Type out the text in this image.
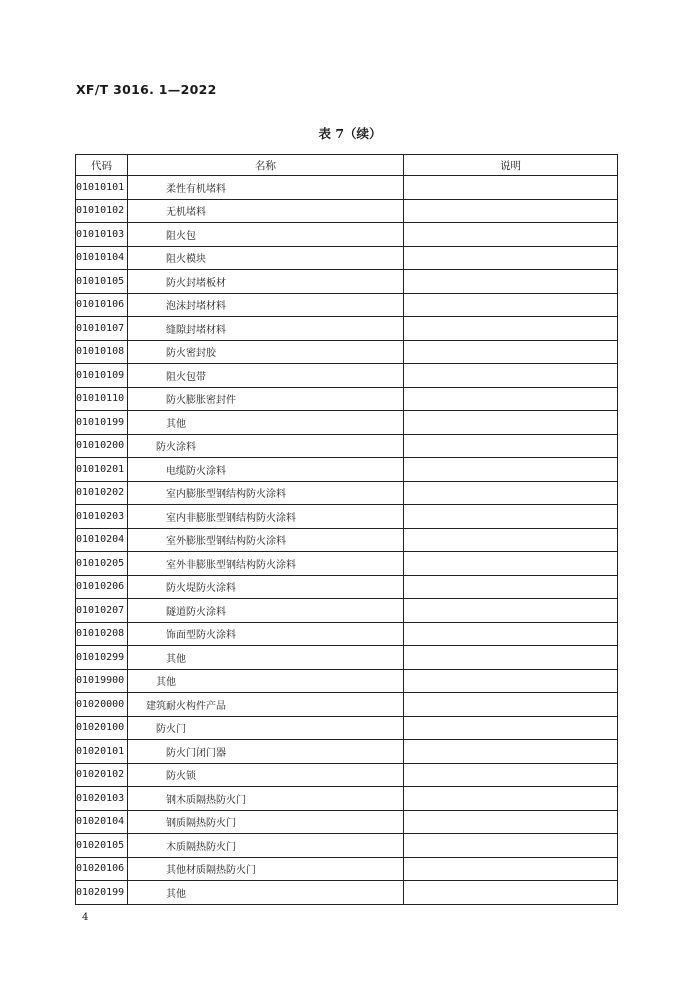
XF/T 3016. 1—2022
表 7（续）
代码	名称	说明
01010101	柔性有机堵料	
01010102	无机堵料	
01010103	阻火包	
01010104	阻火模块	
01010105	防火封堵板材	
01010106	泡沫封堵材料	
01010107	缝隙封堵材料	
01010108	防火密封胶	
01010109	阻火包带	
01010110	防火膨胀密封件	
01010199	其他	
01010200	防火涂料	
01010201	电缆防火涂料	
01010202	室内膨胀型钢结构防火涂料	
01010203	室内非膨胀型钢结构防火涂料	
01010204	室外膨胀型钢结构防火涂料	
01010205	室外非膨胀型钢结构防火涂料	
01010206	防火堤防火涂料	
01010207	隧道防火涂料	
01010208	饰面型防火涂料	
01010299	其他	
01019900	其他	
01020000	建筑耐火构件产品	
01020100	防火门	
01020101	防火门闭门器	
01020102	防火锁	
01020103	钢木质隔热防火门	
01020104	钢质隔热防火门	
01020105	木质隔热防火门	
01020106	其他材质隔热防火门	
01020199	其他	
4
